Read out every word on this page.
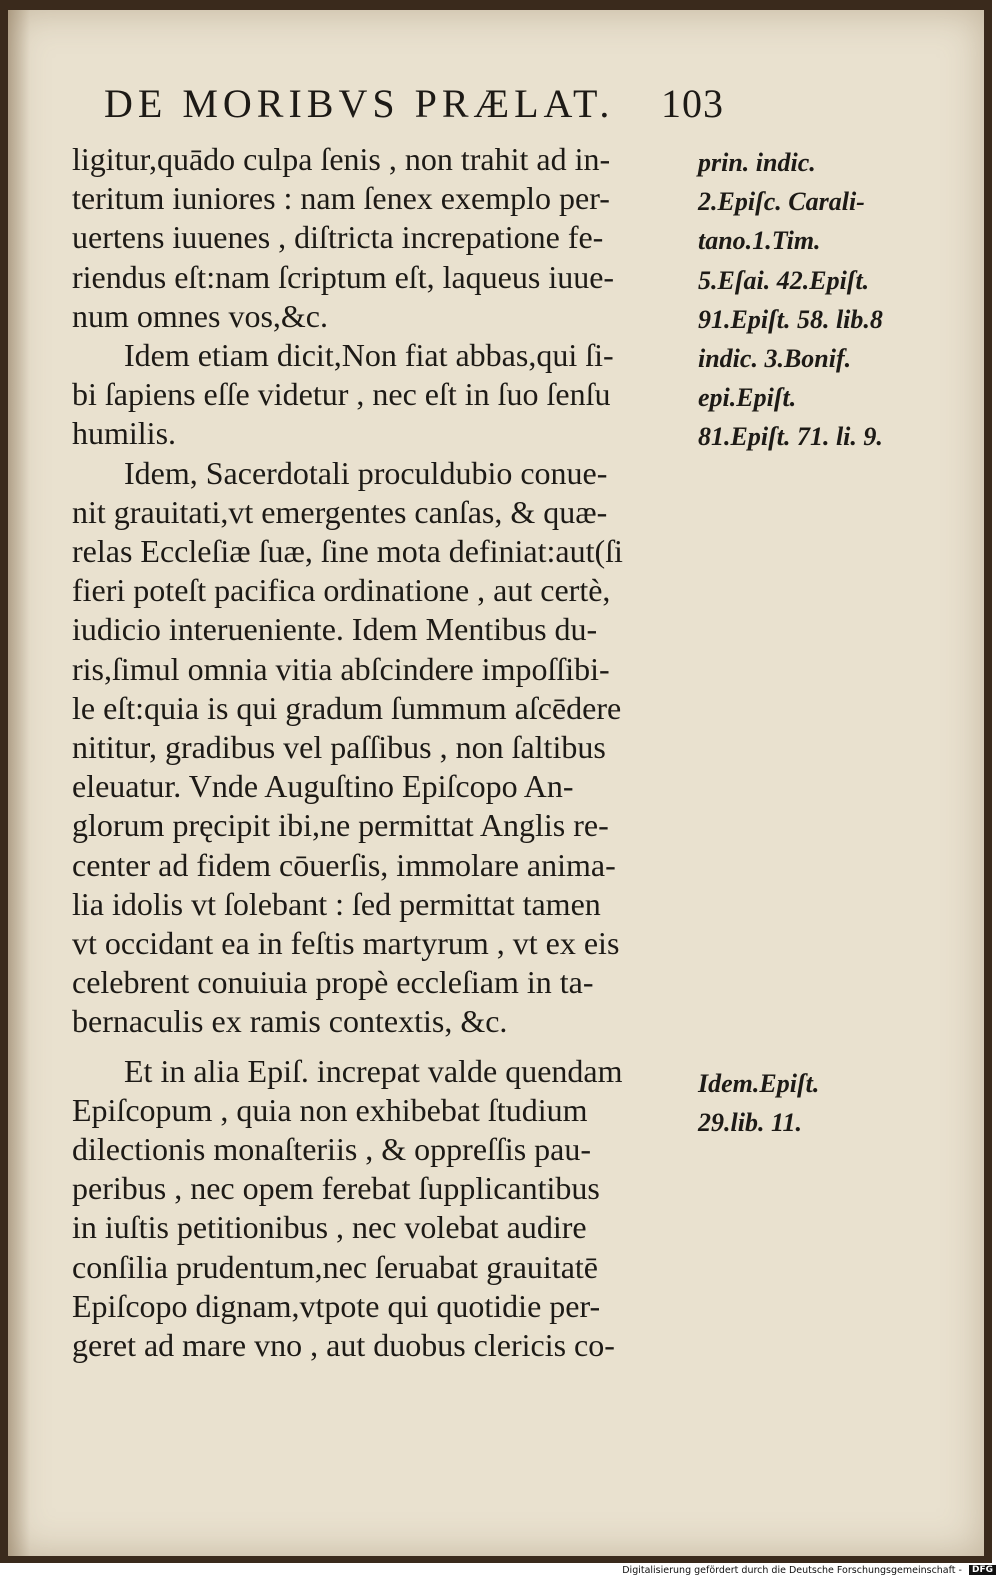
DE MORIBVS PRÆLAT. 103
ligitur,quādo culpa ſenis , non trahit ad in-
teritum iuniores : nam ſenex exemplo per-
uertens iuuenes , diſtricta increpatione fe-
riendus eſt:nam ſcriptum eſt, laqueus iuue-
num omnes vos,&c.
Idem etiam dicit,Non fiat abbas,qui ſi-
bi ſapiens eſſe videtur , nec eſt in ſuo ſenſu
humilis.
Idem, Sacerdotali proculdubio conue-
nit grauitati,vt emergentes canſas, & quæ-
relas Eccleſiæ ſuæ, ſine mota definiat:aut(ſi
fieri poteſt pacifica ordinatione , aut certè,
iudicio interueniente. Idem Mentibus du-
ris,ſimul omnia vitia abſcindere impoſſibi-
le eſt:quia is qui gradum ſummum aſcēdere
nititur, gradibus vel paſſibus , non ſaltibus
eleuatur. Vnde Auguſtino Epiſcopo An-
glorum pręcipit ibi,ne permittat Anglis re-
center ad fidem cōuerſis, immolare anima-
lia idolis vt ſolebant : ſed permittat tamen
vt occidant ea in feſtis martyrum , vt ex eis
celebrent conuiuia propè eccleſiam in ta-
bernaculis ex ramis contextis, &c.
Et in alia Epiſ. increpat valde quendam
Epiſcopum , quia non exhibebat ſtudium
dilectionis monaſteriis , & oppreſſis pau-
peribus , nec opem ferebat ſupplicantibus
in iuſtis petitionibus , nec volebat audire
conſilia prudentum,nec ſeruabat grauitatē
Epiſcopo dignam,vtpote qui quotidie per-
geret ad mare vno , aut duobus clericis co-
prin. indic. 2.Epiſc. Carali-tano.1.Tim. 5.Eſai. 42.Epiſt. 91.Epiſt. 58. lib.8 indic. 3.Bonif. epi.Epiſt. 81.Epiſt. 71. li. 9.
Idem.Epiſt. 29.lib. 11.
Digitalisierung gefördert durch die Deutsche Forschungsgemeinschaft - DFG
